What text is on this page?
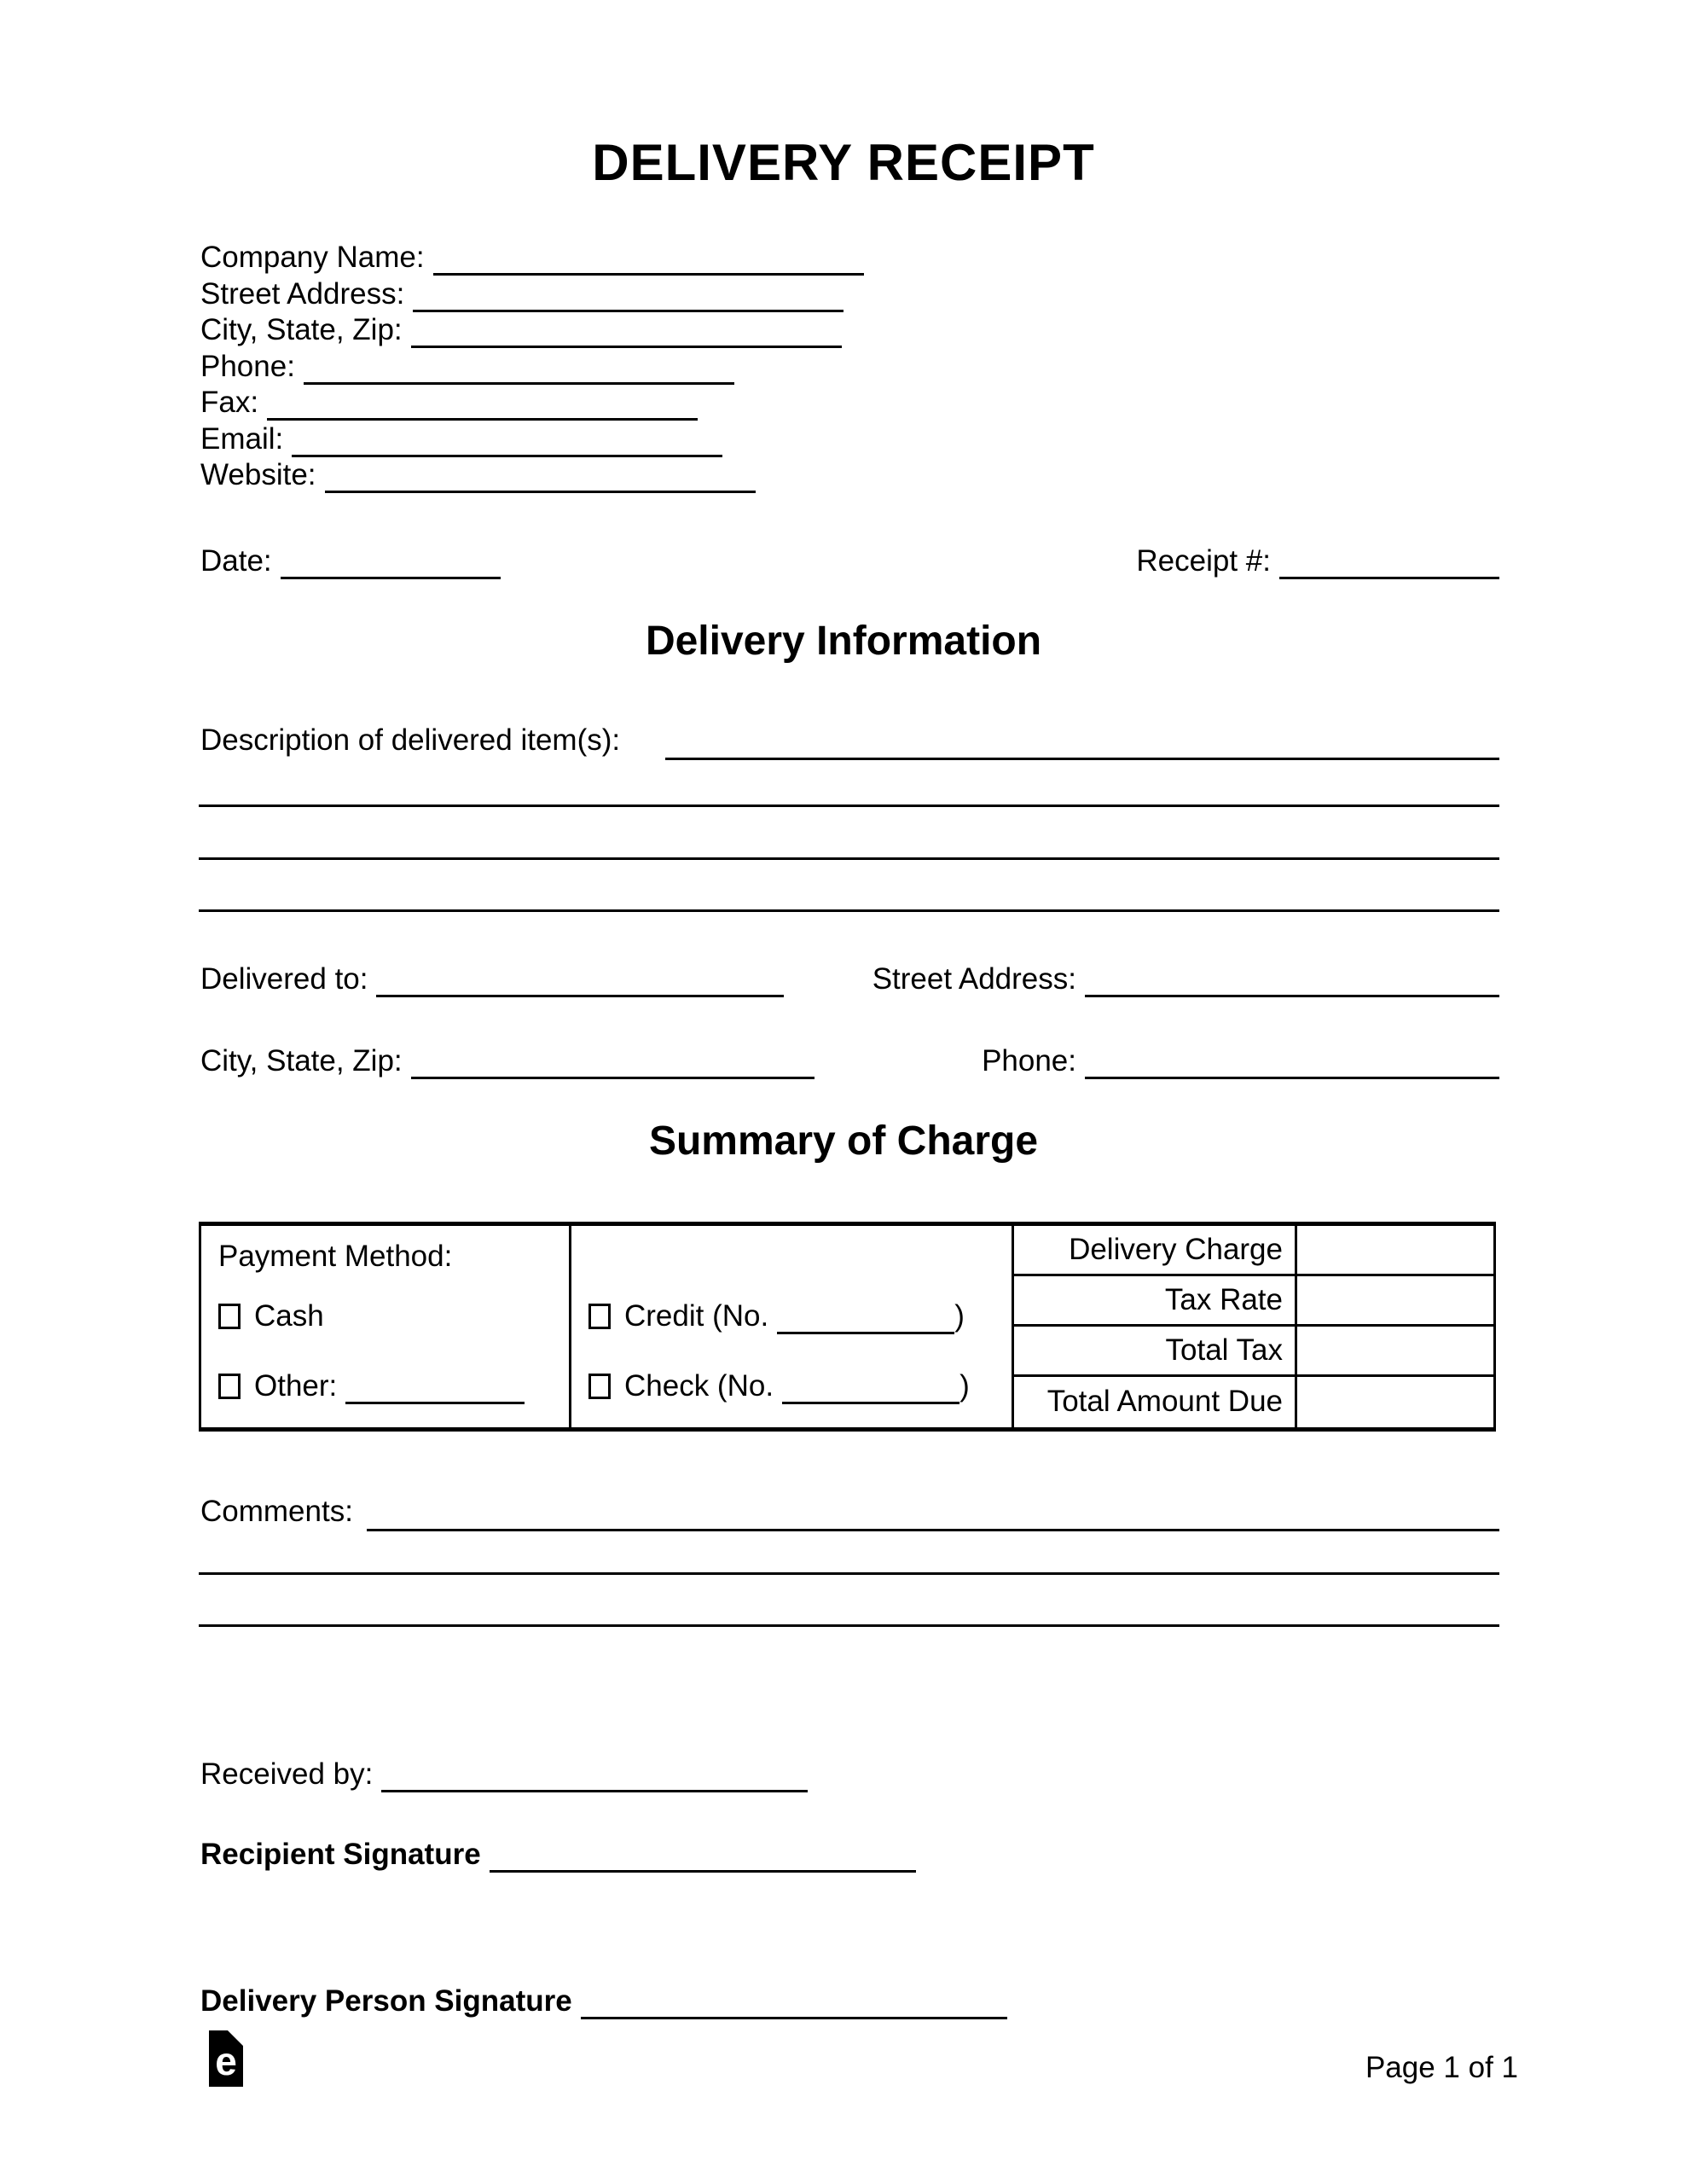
DELIVERY RECEIPT
Company Name:
Street Address:
City, State, Zip:
Phone:
Fax:
Email:
Website:
Date:	Receipt #:
Delivery Information
Description of delivered item(s):
Delivered to:	Street Address:
City, State, Zip:	Phone:
Summary of Charge
Payment Method:
Cash
Other:
Credit (No.	)
Check (No.	)
Delivery Charge
Tax Rate
Total Tax
Total Amount Due
Comments:
Received by:
Recipient Signature
Delivery Person Signature
e	Page 1 of 1
